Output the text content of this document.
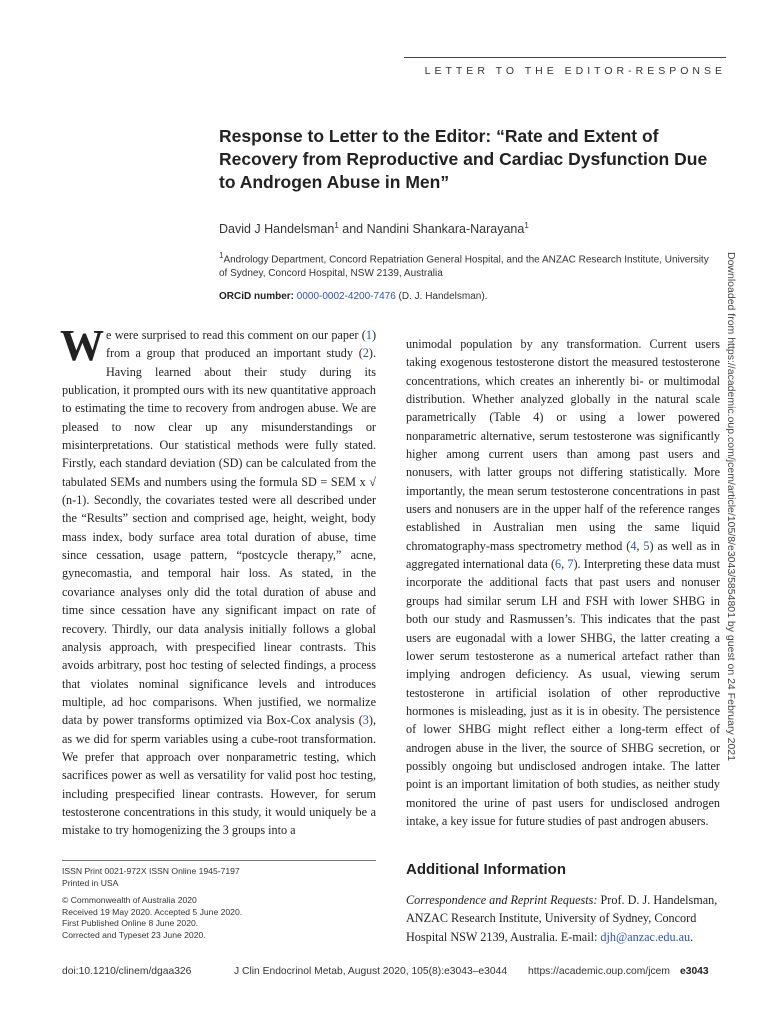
LETTER TO THE EDITOR-RESPONSE
Response to Letter to the Editor: “Rate and Extent of Recovery from Reproductive and Cardiac Dysfunction Due to Androgen Abuse in Men”
David J Handelsman$^1$ and Nandini Shankara-Narayana$^1$
$^1$Andrology Department, Concord Repatriation General Hospital, and the ANZAC Research Institute, University of Sydney, Concord Hospital, NSW 2139, Australia
ORCiD number: 0000-0002-4200-7476 (D. J. Handelsman).
We were surprised to read this comment on our paper (1) from a group that produced an important study (2). Having learned about their study during its publication, it prompted ours with its new quantitative approach to estimating the time to recovery from androgen abuse. We are pleased to now clear up any misunderstandings or misinterpretations. Our statistical methods were fully stated. Firstly, each standard deviation (SD) can be calculated from the tabulated SEMs and numbers using the formula SD = SEM x √ (n-1). Secondly, the covariates tested were all described under the “Results” section and comprised age, height, weight, body mass index, body surface area total duration of abuse, time since cessation, usage pattern, “postcycle therapy,” acne, gynecomastia, and temporal hair loss. As stated, in the covariance analyses only did the total duration of abuse and time since cessation have any significant impact on rate of recovery. Thirdly, our data analysis initially follows a global analysis approach, with prespecified linear contrasts. This avoids arbitrary, post hoc testing of selected findings, a process that violates nominal significance levels and introduces multiple, ad hoc comparisons. When justified, we normalize data by power transforms optimized via Box-Cox analysis (3), as we did for sperm variables using a cube-root transformation. We prefer that approach over nonparametric testing, which sacrifices power as well as versatility for valid post hoc testing, including prespecified linear contrasts. However, for serum testosterone concentrations in this study, it would uniquely be a mistake to try homogenizing the 3 groups into a
unimodal population by any transformation. Current users taking exogenous testosterone distort the measured testosterone concentrations, which creates an inherently bi- or multimodal distribution. Whether analyzed globally in the natural scale parametrically (Table 4) or using a lower powered nonparametric alternative, serum testosterone was significantly higher among current users than among past users and nonusers, with latter groups not differing statistically. More importantly, the mean serum testosterone concentrations in past users and nonusers are in the upper half of the reference ranges established in Australian men using the same liquid chromatography-mass spectrometry method (4, 5) as well as in aggregated international data (6, 7). Interpreting these data must incorporate the additional facts that past users and nonuser groups had similar serum LH and FSH with lower SHBG in both our study and Rasmussen’s. This indicates that the past users are eugonadal with a lower SHBG, the latter creating a lower serum testosterone as a numerical artefact rather than implying androgen deficiency. As usual, viewing serum testosterone in artificial isolation of other reproductive hormones is misleading, just as it is in obesity. The persistence of lower SHBG might reflect either a long-term effect of androgen abuse in the liver, the source of SHBG secretion, or possibly ongoing but undisclosed androgen intake. The latter point is an important limitation of both studies, as neither study monitored the urine of past users for undisclosed androgen intake, a key issue for future studies of past androgen abusers.
Downloaded from https://academic.oup.com/jcem/article/105/8/e3043/5854801 by guest on 24 February 2021

ISSN Print 0021-972X ISSN Online 1945-7197

Printed in USA

© Commonwealth of Australia 2020

Received 19 May 2020. Accepted 5 June 2020.

First Published Online 8 June 2020.

Corrected and Typeset 23 June 2020.

Additional Information
Correspondence and Reprint Requests: Prof. D. J. Handelsman, ANZAC Research Institute, University of Sydney, Concord Hospital NSW 2139, Australia. E-mail: djh@anzac.edu.au.
doi:10.1210/clinem/dgaa326	J Clin Endocrinol Metab, August 2020, 105(8):e3043–e3044 https://academic.oup.com/jcem e3043
